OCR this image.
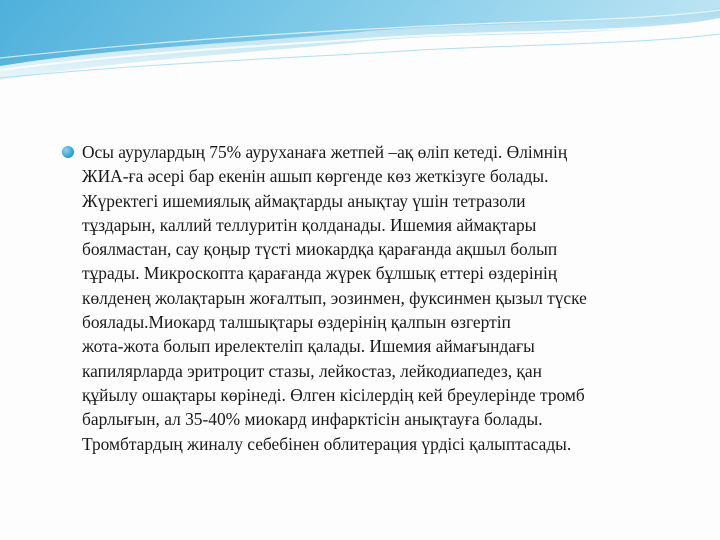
Осы аурулардың 75% ауруханаға жетпей –ақ өліп кетеді. Өлімнің
ЖИА-ға әсері бар екенін ашып көргенде көз жеткізуге болады.
Жүректегі ишемиялық аймақтарды анықтау үшін тетразоли
тұздарын, каллий теллуритін қолданады. Ишемия аймақтары
боялмастан, сау қоңыр түсті миокардқа қарағанда ақшыл болып
тұрады. Микроскопта қарағанда жүрек бұлшық еттері өздерінің
көлденең жолақтарын жоғалтып, эозинмен, фуксинмен қызыл түске
боялады.Миокард талшықтары өздерінің қалпын өзгертіп
жота-жота болып ирелектеліп қалады. Ишемия аймағындағы
капилярларда эритроцит стазы, лейкостаз, лейкодиапедез, қан
құйылу ошақтары көрінеді. Өлген кісілердің кей бреулерінде тромб
барлығын, ал 35-40% миокард инфарктісін анықтауға болады.
Тромбтардың жиналу себебінен облитерация үрдісі қалыптасады.
